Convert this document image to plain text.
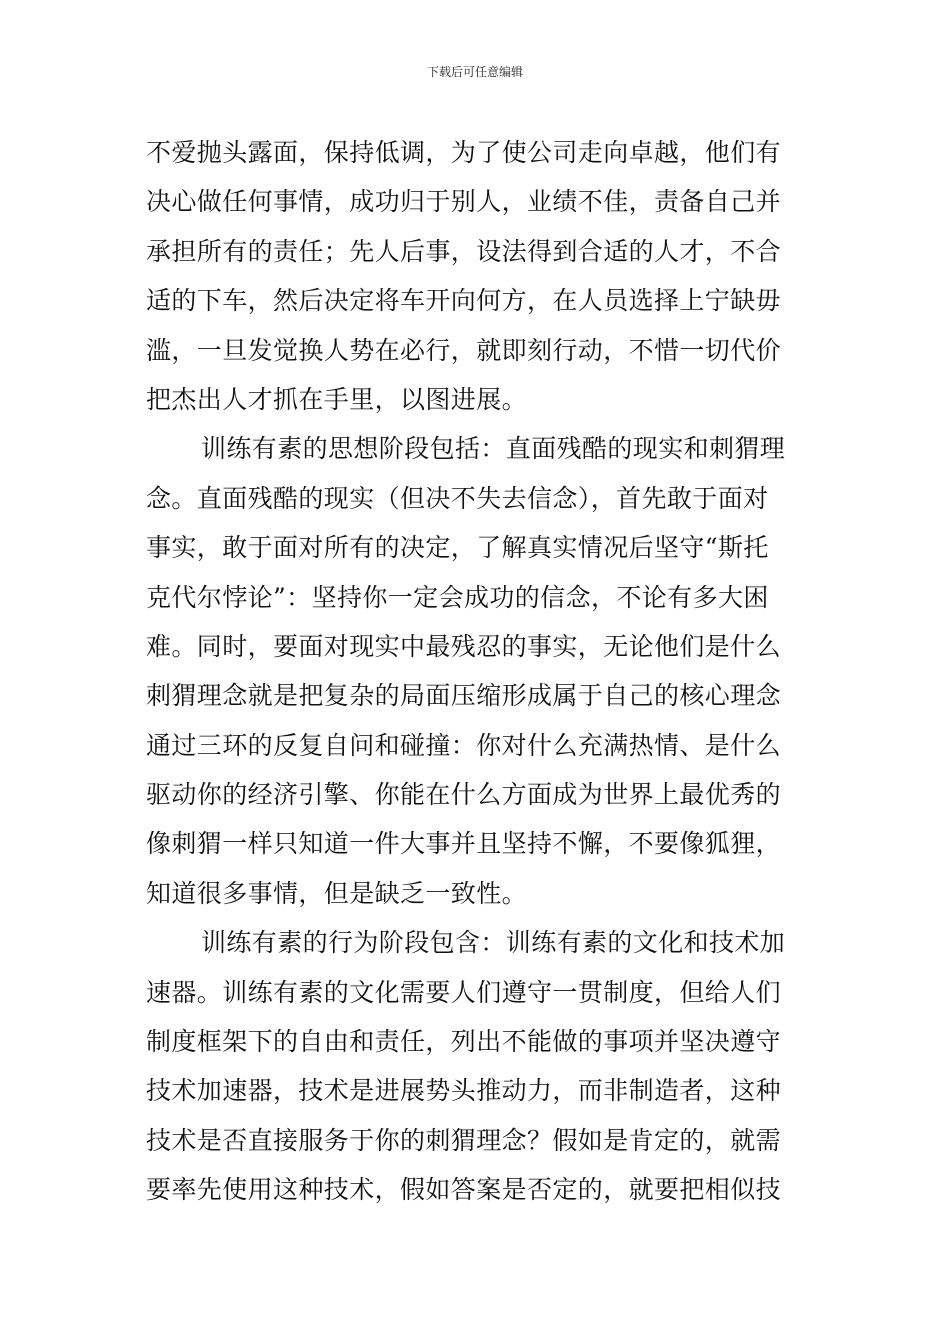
下载后可任意编辑
不爱抛头露面，保持低调，为了使公司走向卓越，他们有
决心做任何事情，成功归于别人，业绩不佳，责备自己并
承担所有的责任；先人后事，设法得到合适的人才，不合
适的下车，然后决定将车开向何方，在人员选择上宁缺毋
滥，一旦发觉换人势在必行，就即刻行动，不惜一切代价
把杰出人才抓在手里，以图进展。
训练有素的思想阶段包括：直面残酷的现实和刺猬理
念。直面残酷的现实（但决不失去信念），首先敢于面对
事实，敢于面对所有的决定，了解真实情况后坚守“斯托
克代尔悖论”：坚持你一定会成功的信念，不论有多大困
难。同时，要面对现实中最残忍的事实，无论他们是什么
刺猬理念就是把复杂的局面压缩形成属于自己的核心理念
通过三环的反复自问和碰撞：你对什么充满热情、是什么
驱动你的经济引擎、你能在什么方面成为世界上最优秀的
像刺猬一样只知道一件大事并且坚持不懈，不要像狐狸，
知道很多事情，但是缺乏一致性。
训练有素的行为阶段包含：训练有素的文化和技术加
速器。训练有素的文化需要人们遵守一贯制度，但给人们
制度框架下的自由和责任，列出不能做的事项并坚决遵守
技术加速器，技术是进展势头推动力，而非制造者，这种
技术是否直接服务于你的刺猬理念？假如是肯定的，就需
要率先使用这种技术，假如答案是否定的，就要把相似技
